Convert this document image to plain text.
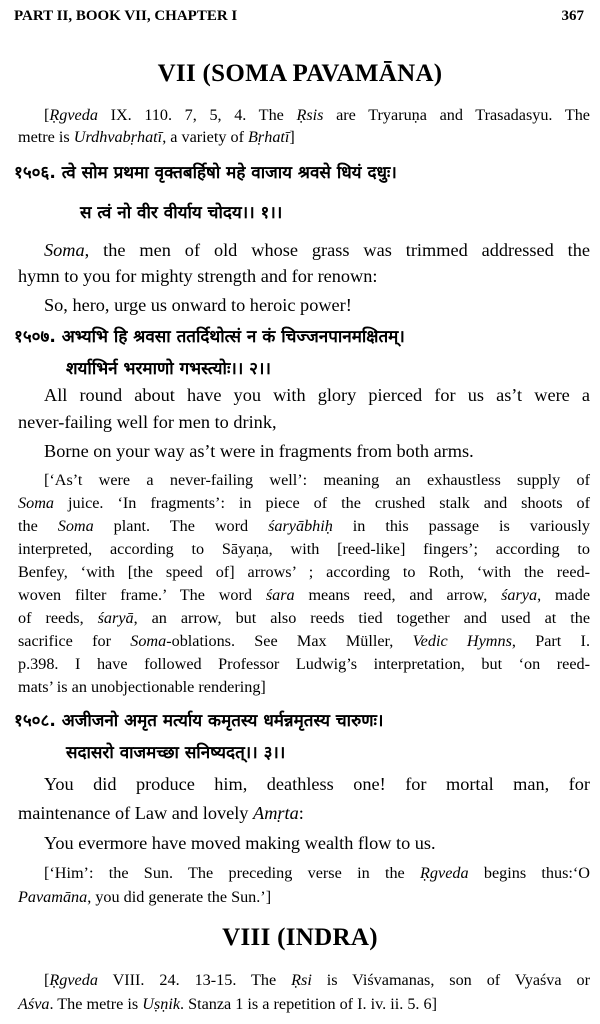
PART II, BOOK VII, CHAPTER I	367
VII (SOMA PAVAMĀNA)
[Ṛgveda IX. 110. 7, 5, 4. The Ṛsis are Tryaruṇa and Trasadasyu. The
metre is Urdhvabṛhatī, a variety of Bṛhatī]
१५०६. त्वे सोम प्रथमा वृक्तबर्हिषो महे वाजाय श्रवसे धियं दधुः।
स त्वं नो वीर वीर्याय चोदय।। १।।
Soma, the men of old whose grass was trimmed addressed the
hymn to you for mighty strength and for renown:
So, hero, urge us onward to heroic power!
१५०७. अभ्यभि हि श्रवसा ततर्दिथोत्सं न कं चिज्जनपानमक्षितम्।
शर्याभिर्न भरमाणो गभस्त्योः।। २।।
All round about have you with glory pierced for us as’t were a
never-failing well for men to drink,
Borne on your way as’t were in fragments from both arms.
[‘As’t were a never-failing well’: meaning an exhaustless supply of
Soma juice. ‘In fragments’: in piece of the crushed stalk and shoots of
the Soma plant. The word śaryābhiḥ in this passage is variously
interpreted, according to Sāyaṇa, with [reed-like] fingers’; according to
Benfey, ‘with [the speed of] arrows’ ; according to Roth, ‘with the reed-
woven filter frame.’ The word śara means reed, and arrow, śarya, made
of reeds, śaryā, an arrow, but also reeds tied together and used at the
sacrifice for Soma-oblations. See Max Müller, Vedic Hymns, Part I.
p.398. I have followed Professor Ludwig’s interpretation, but ‘on reed-
mats’ is an unobjectionable rendering]
१५०८. अजीजनो अमृत मर्त्याय कमृतस्य धर्मन्नमृतस्य चारुणः।
सदासरो वाजमच्छा सनिष्यदत्।। ३।।
You did produce him, deathless one! for mortal man, for
maintenance of Law and lovely Amṛta:
You evermore have moved making wealth flow to us.
[‘Him’: the Sun. The preceding verse in the Ṛgveda begins thus:‘O
Pavamāna, you did generate the Sun.’]
VIII (INDRA)
[Ṛgveda VIII. 24. 13-15. The Ṛsi is Viśvamanas, son of Vyaśva or
Aśva. The metre is Uṣṇik. Stanza 1 is a repetition of I. iv. ii. 5. 6]
